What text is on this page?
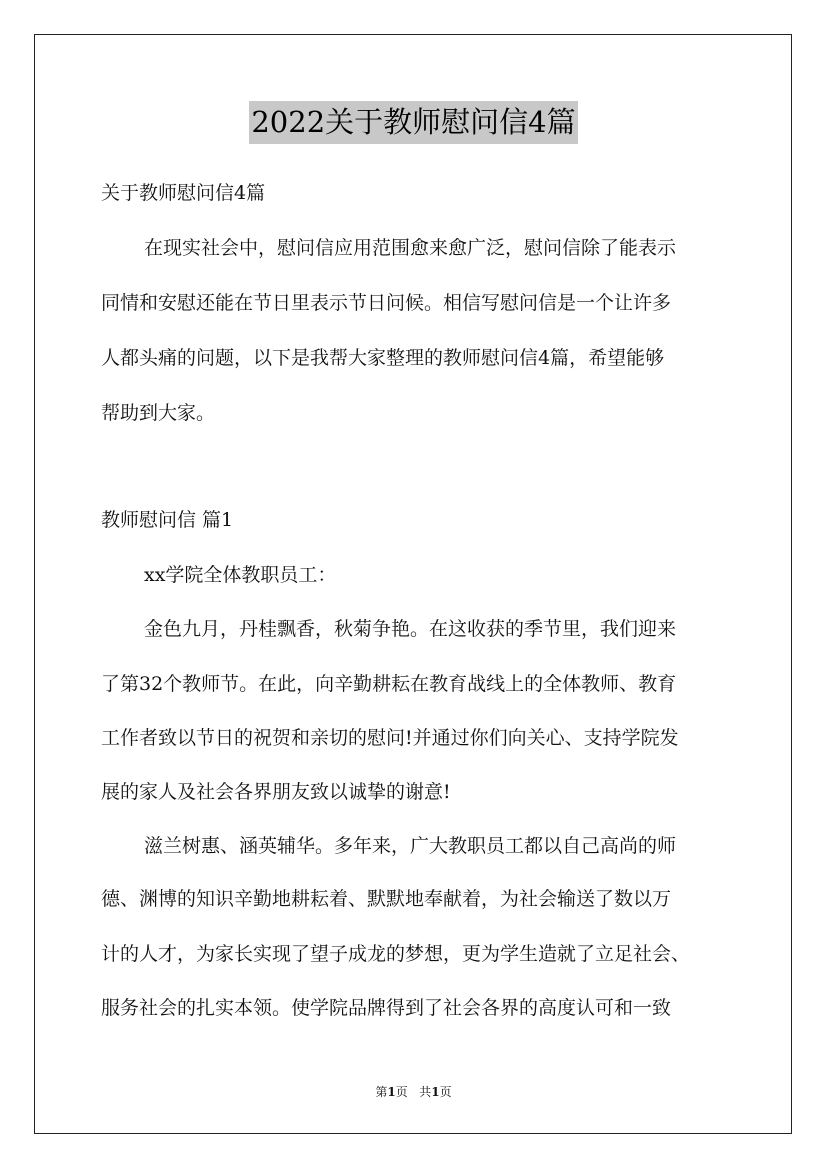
2022关于教师慰问信4篇
关于教师慰问信4篇
在现实社会中，慰问信应用范围愈来愈广泛，慰问信除了能表示
同情和安慰还能在节日里表示节日问候。相信写慰问信是一个让许多
人都头痛的问题，以下是我帮大家整理的教师慰问信4篇，希望能够
帮助到大家。
教师慰问信 篇1
xx学院全体教职员工：
金色九月，丹桂飘香，秋菊争艳。在这收获的季节里，我们迎来
了第32个教师节。在此，向辛勤耕耘在教育战线上的全体教师、教育
工作者致以节日的祝贺和亲切的慰问!并通过你们向关心、支持学院发
展的家人及社会各界朋友致以诚挚的谢意!
滋兰树惠、涵英辅华。多年来，广大教职员工都以自己高尚的师
德、渊博的知识辛勤地耕耘着、默默地奉献着，为社会输送了数以万
计的人才，为家长实现了望子成龙的梦想，更为学生造就了立足社会、
服务社会的扎实本领。使学院品牌得到了社会各界的高度认可和一致
第1页 共1页
